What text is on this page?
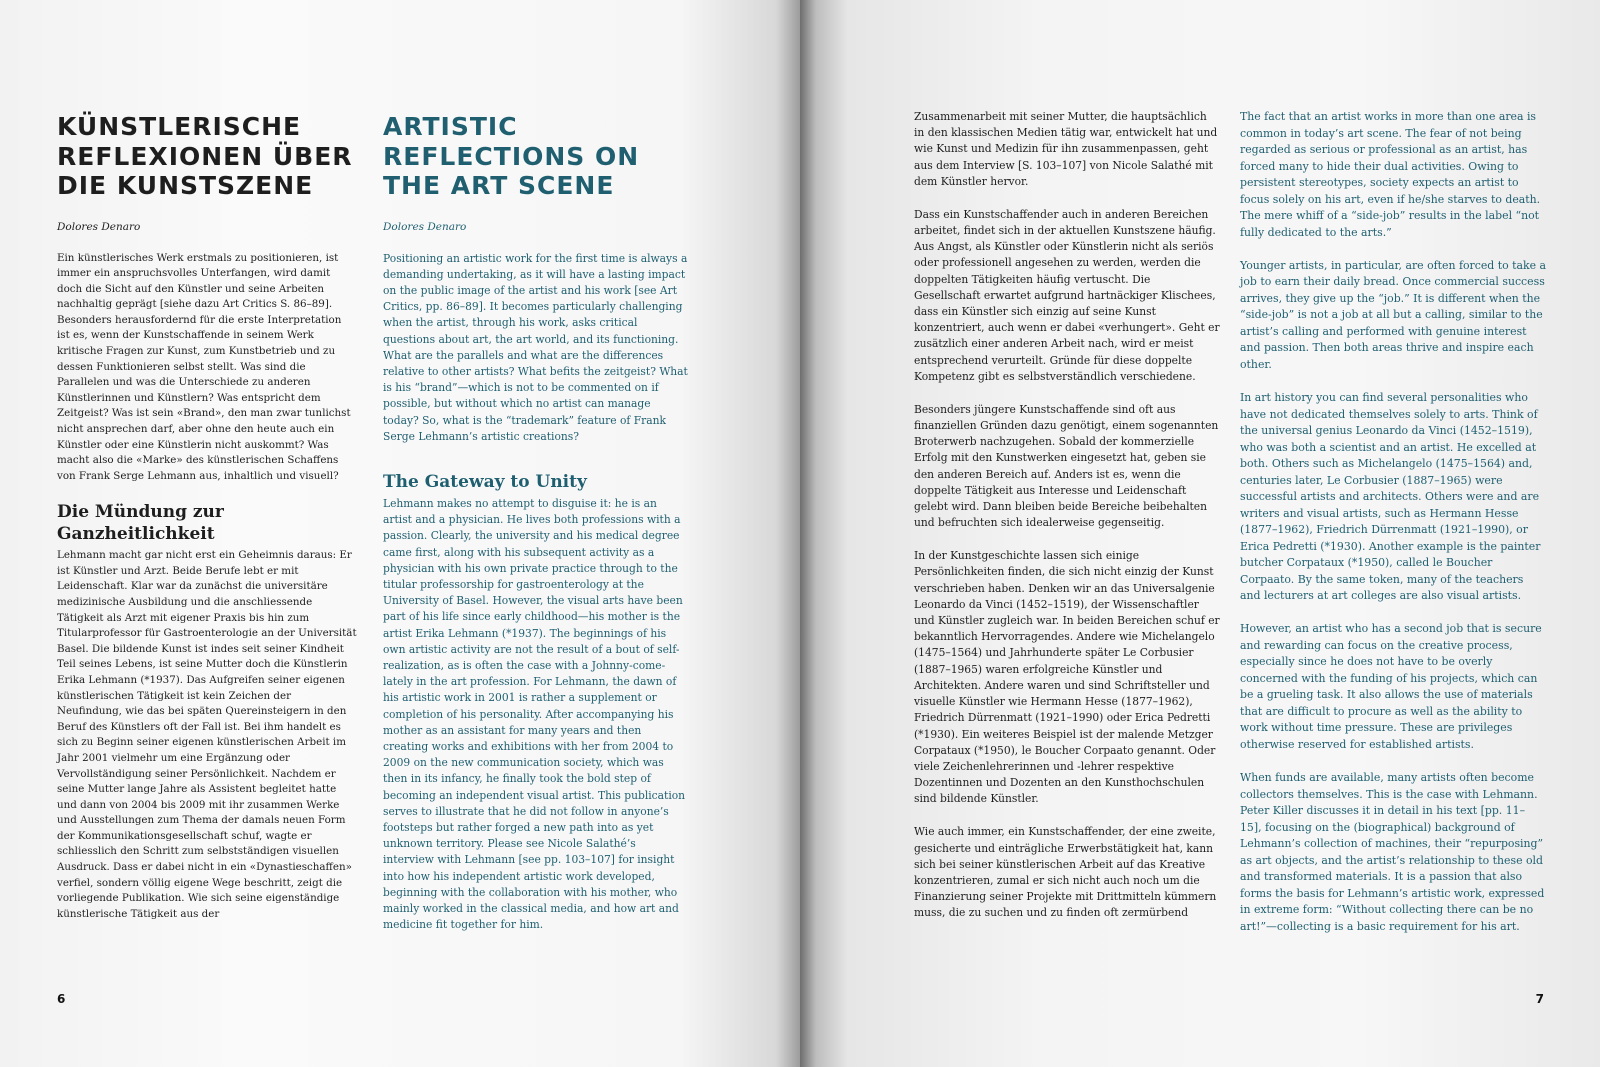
KÜNSTLERISCHE
REFLEXIONEN ÜBER
DIE KUNSTSZENE

Dolores Denaro

Ein künstlerisches Werk erstmals zu positionieren, ist immer ein anspruchsvolles Unterfangen, wird damit doch die Sicht auf den Künstler und seine Arbeiten nachhaltig geprägt [siehe dazu Art Critics S. 86–89]. Besonders herausfordernd für die erste Interpretation ist es, wenn der Kunstschaffende in seinem Werk kritische Fragen zur Kunst, zum Kunstbetrieb und zu dessen Funktionieren selbst stellt. Was sind die Parallelen und was die Unterschiede zu anderen Künstlerinnen und Künstlern? Was entspricht dem Zeitgeist? Was ist sein «Brand», den man zwar tunlichst nicht ansprechen darf, aber ohne den heute auch ein Künstler oder eine Künstlerin nicht auskommt? Was macht also die «Marke» des künstlerischen Schaffens von Frank Serge Lehmann aus, inhaltlich und visuell?

Die Mündung zur Ganzheitlichkeit

Lehmann macht gar nicht erst ein Geheimnis daraus: Er ist Künstler und Arzt. Beide Berufe lebt er mit Leidenschaft. Klar war da zunächst die universitäre medizinische Ausbildung und die anschliessende Tätigkeit als Arzt mit eigener Praxis bis hin zum Titularprofessor für Gastroenterologie an der Universität Basel. Die bildende Kunst ist indes seit seiner Kindheit Teil seines Lebens, ist seine Mutter doch die Künstlerin Erika Lehmann (*1937). Das Aufgreifen seiner eigenen künstlerischen Tätigkeit ist kein Zeichen der Neufindung, wie das bei späten Quereinsteigern in den Beruf des Künstlers oft der Fall ist. Bei ihm handelt es sich zu Beginn seiner eigenen künstlerischen Arbeit im Jahr 2001 vielmehr um eine Ergänzung oder Vervollständigung seiner Persönlichkeit. Nachdem er seine Mutter lange Jahre als Assistent begleitet hatte und dann von 2004 bis 2009 mit ihr zusammen Werke und Ausstellungen zum Thema der damals neuen Form der Kommunikationsgesellschaft schuf, wagte er schliesslich den Schritt zum selbstständigen visuellen Ausdruck. Dass er dabei nicht in ein «Dynastieschaffen» verfiel, sondern völlig eigene Wege beschritt, zeigt die vorliegende Publikation. Wie sich seine eigenständige künstlerische Tätigkeit aus der

ARTISTIC
REFLECTIONS ON
THE ART SCENE

Dolores Denaro

Positioning an artistic work for the first time is always a demanding undertaking, as it will have a lasting impact on the public image of the artist and his work [see Art Critics, pp. 86–89]. It becomes particularly challenging when the artist, through his work, asks critical questions about art, the art world, and its functioning. What are the parallels and what are the differences relative to other artists? What befits the zeitgeist? What is his “brand”—which is not to be commented on if possible, but without which no artist can manage today? So, what is the “trademark” feature of Frank Serge Lehmann’s artistic creations?

The Gateway to Unity

Lehmann makes no attempt to disguise it: he is an artist and a physician. He lives both professions with a passion. Clearly, the university and his medical degree came first, along with his subsequent activity as a physician with his own private practice through to the titular professorship for gastroenterology at the University of Basel. However, the visual arts have been part of his life since early childhood—his mother is the artist Erika Lehmann (*1937). The beginnings of his own artistic activity are not the result of a bout of self-realization, as is often the case with a Johnny-come-lately in the art profession. For Lehmann, the dawn of his artistic work in 2001 is rather a supplement or completion of his personality. After accompanying his mother as an assistant for many years and then creating works and exhibitions with her from 2004 to 2009 on the new communication society, which was then in its infancy, he finally took the bold step of becoming an independent visual artist. This publication serves to illustrate that he did not follow in anyone’s footsteps but rather forged a new path into as yet unknown territory. Please see Nicole Salathé’s interview with Lehmann [see pp. 103–107] for insight into how his independent artistic work developed, beginning with the collaboration with his mother, who mainly worked in the classical media, and how art and medicine fit together for him.

6

Zusammenarbeit mit seiner Mutter, die hauptsächlich in den klassischen Medien tätig war, entwickelt hat und wie Kunst und Medizin für ihn zusammenpassen, geht aus dem Interview [S. 103–107] von Nicole Salathé mit dem Künstler hervor.

Dass ein Kunstschaffender auch in anderen Bereichen arbeitet, findet sich in der aktuellen Kunstszene häufig. Aus Angst, als Künstler oder Künstlerin nicht als seriös oder professionell angesehen zu werden, werden die doppelten Tätigkeiten häufig vertuscht. Die Gesellschaft erwartet aufgrund hartnäckiger Klischees, dass ein Künstler sich einzig auf seine Kunst konzentriert, auch wenn er dabei «verhungert». Geht er zusätzlich einer anderen Arbeit nach, wird er meist entsprechend verurteilt. Gründe für diese doppelte Kompetenz gibt es selbstverständlich verschiedene.

Besonders jüngere Kunstschaffende sind oft aus finanziellen Gründen dazu genötigt, einem sogenannten Broterwerb nachzugehen. Sobald der kommerzielle Erfolg mit den Kunstwerken eingesetzt hat, geben sie den anderen Bereich auf. Anders ist es, wenn die doppelte Tätigkeit aus Interesse und Leidenschaft gelebt wird. Dann bleiben beide Bereiche beibehalten und befruchten sich idealerweise gegenseitig.

In der Kunstgeschichte lassen sich einige Persönlichkeiten finden, die sich nicht einzig der Kunst verschrieben haben. Denken wir an das Universalgenie Leonardo da Vinci (1452–1519), der Wissenschaftler und Künstler zugleich war. In beiden Bereichen schuf er bekanntlich Hervorragendes. Andere wie Michelangelo (1475–1564) und Jahrhunderte später Le Corbusier (1887–1965) waren erfolgreiche Künstler und Architekten. Andere waren und sind Schriftsteller und visuelle Künstler wie Hermann Hesse (1877–1962), Friedrich Dürrenmatt (1921–1990) oder Erica Pedretti (*1930). Ein weiteres Beispiel ist der malende Metzger Corpataux (*1950), le Boucher Corpaato genannt. Oder viele Zeichenlehrerinnen und -lehrer respektive Dozentinnen und Dozenten an den Kunsthochschulen sind bildende Künstler.

Wie auch immer, ein Kunstschaffender, der eine zweite, gesicherte und einträgliche Erwerbstätigkeit hat, kann sich bei seiner künstlerischen Arbeit auf das Kreative konzentrieren, zumal er sich nicht auch noch um die Finanzierung seiner Projekte mit Drittmitteln kümmern muss, die zu suchen und zu finden oft zermürbend

The fact that an artist works in more than one area is common in today’s art scene. The fear of not being regarded as serious or professional as an artist, has forced many to hide their dual activities. Owing to persistent stereotypes, society expects an artist to focus solely on his art, even if he/she starves to death. The mere whiff of a “side-job” results in the label “not fully dedicated to the arts.”

Younger artists, in particular, are often forced to take a job to earn their daily bread. Once commercial success arrives, they give up the “job.” It is different when the “side-job” is not a job at all but a calling, similar to the artist’s calling and performed with genuine interest and passion. Then both areas thrive and inspire each other.

In art history you can find several personalities who have not dedicated themselves solely to arts. Think of the universal genius Leonardo da Vinci (1452–1519), who was both a scientist and an artist. He excelled at both. Others such as Michelangelo (1475–1564) and, centuries later, Le Corbusier (1887–1965) were successful artists and architects. Others were and are writers and visual artists, such as Hermann Hesse (1877–1962), Friedrich Dürrenmatt (1921–1990), or Erica Pedretti (*1930). Another example is the painter butcher Corpataux (*1950), called le Boucher Corpaato. By the same token, many of the teachers and lecturers at art colleges are also visual artists.

However, an artist who has a second job that is secure and rewarding can focus on the creative process, especially since he does not have to be overly concerned with the funding of his projects, which can be a grueling task. It also allows the use of materials that are difficult to procure as well as the ability to work without time pressure. These are privileges otherwise reserved for established artists.

When funds are available, many artists often become collectors themselves. This is the case with Lehmann. Peter Killer discusses it in detail in his text [pp. 11–15], focusing on the (biographical) background of Lehmann’s collection of machines, their “repurposing” as art objects, and the artist’s relationship to these old and transformed materials. It is a passion that also forms the basis for Lehmann’s artistic work, expressed in extreme form: “Without collecting there can be no art!”—collecting is a basic requirement for his art.

7
